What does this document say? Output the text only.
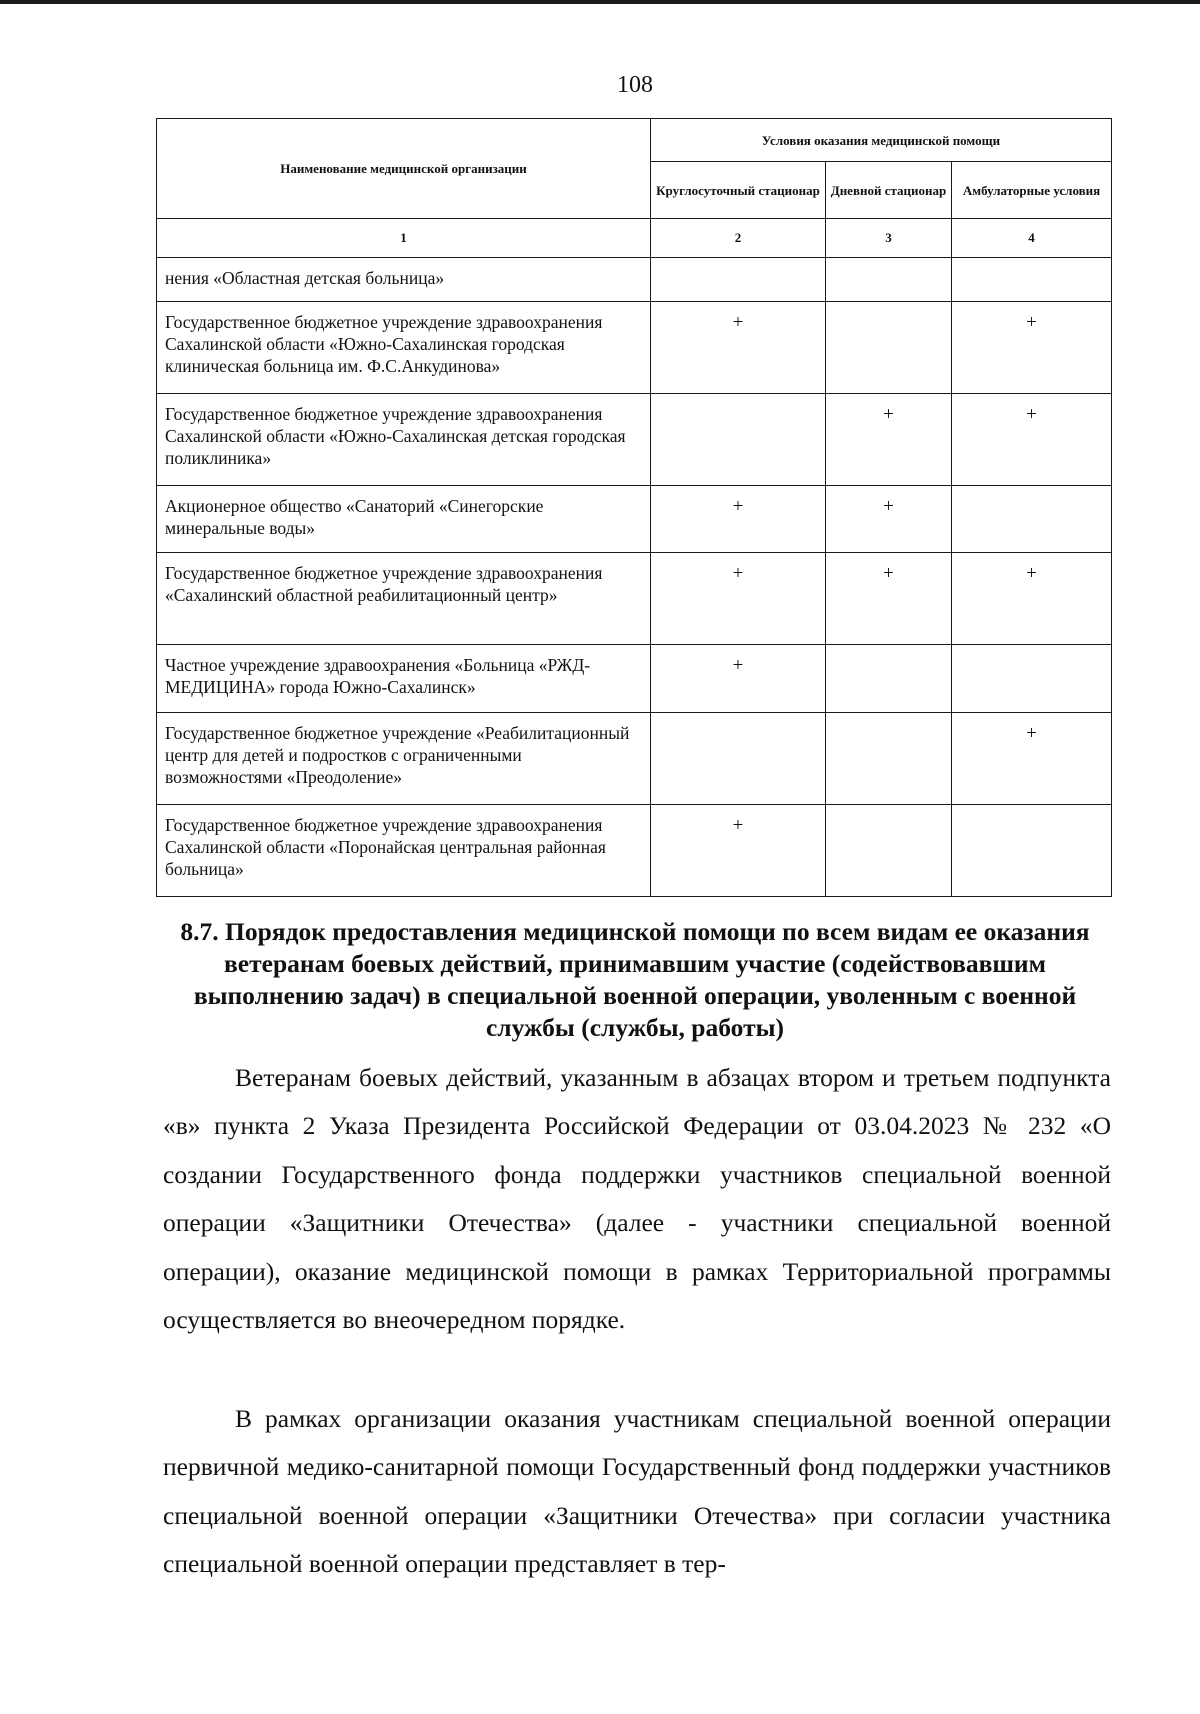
108
Наименование медицинской организации	Условия оказания медицинской помощи		
	Круглосуточный стационар	Дневной стационар	Амбулаторные условия
1	2	3	4
нения «Областная детская больница»			
Государственное бюджетное учреждение здравоохранения Сахалинской области «Южно-Сахалинская городская клиническая больница им. Ф.С.Анкудинова»	+		+
Государственное бюджетное учреждение здравоохранения Сахалинской области «Южно-Сахалинская детская городская поликлиника»		+	+
Акционерное общество «Санаторий «Синегорские минеральные воды»	+	+	
Государственное бюджетное учреждение здравоохранения «Сахалинский областной реабилитационный центр»	+	+	+
Частное учреждение здравоохранения «Больница «РЖД-МЕДИЦИНА» города Южно-Сахалинск»	+		
Государственное бюджетное учреждение «Реабилитационный центр для детей и подростков с ограниченными возможностями «Преодоление»			+
Государственное бюджетное учреждение здравоохранения Сахалинской области «Поронайская центральная районная больница»	+		
8.7. Порядок предоставления медицинской помощи по всем видам ее оказания ветеранам боевых действий, принимавшим участие (содействовавшим выполнению задач) в специальной военной операции, уволенным с военной службы (службы, работы)

Ветеранам боевых действий, указанным в абзацах втором и третьем подпункта «в» пункта 2 Указа Президента Российской Федерации от 03.04.2023 № 232 «О создании Государственного фонда поддержки участников специальной военной операции «Защитники Отечества» (далее - участники специальной военной операции), оказание медицинской помощи в рамках Территориальной программы осуществляется во внеочередном порядке.

В рамках организации оказания участникам специальной военной операции первичной медико-санитарной помощи Государственный фонд поддержки участников специальной военной операции «Защитники Отечества» при согласии участника специальной военной операции представляет в тер-
